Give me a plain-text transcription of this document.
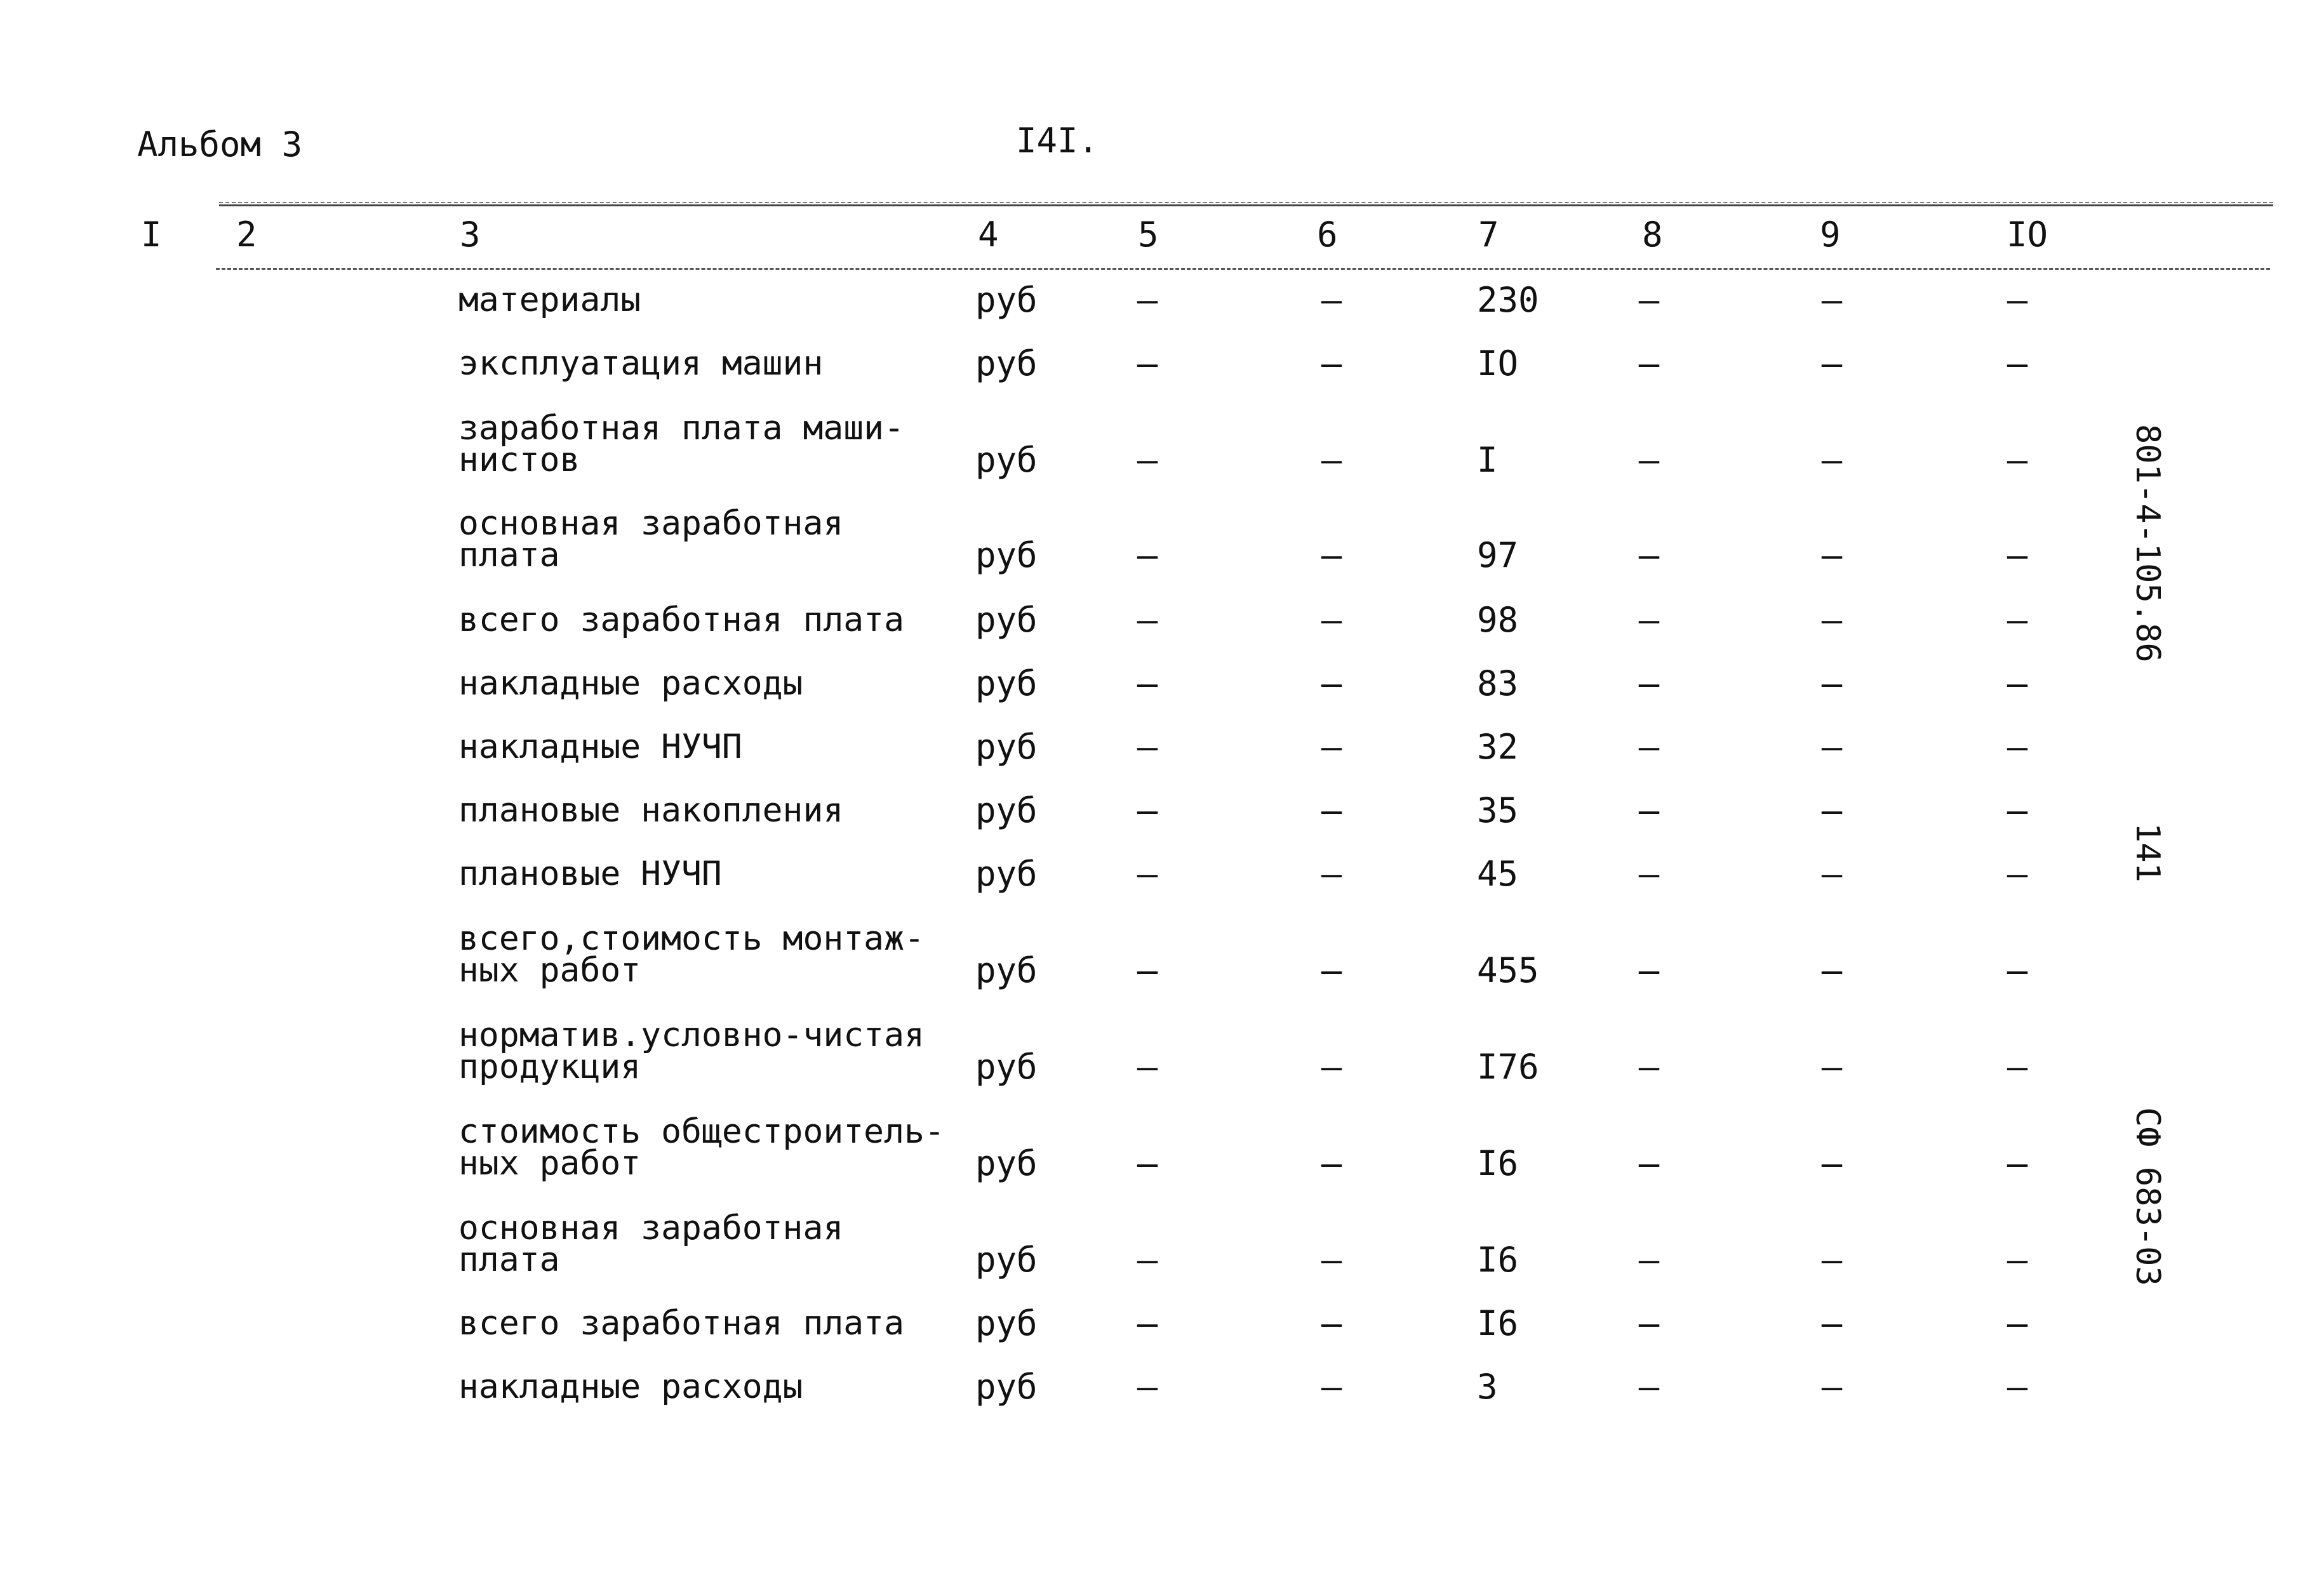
Альбом 3	I4I.
I 2	3	4	5	6	7	8	9	IO
материалы	руб	–	–	230	–	–	–
эксплуатация машин	руб	–	–	IO	–	–	–
заработная плата маши-
нистов	руб	–	–	I	–	–	–
основная заработная
плата	руб	–	–	97	–	–	–
всего заработная плата руб	–	–	98	–	–	–
накладные расходы	руб	–	–	83	–	–	–
накладные НУЧП	руб	–	–	32	–	–	–
плановые накопления	руб	–	–	35	–	–	–
плановые НУЧП	руб	–	–	45	–	–	–
всего,стоимость монтаж-
ных работ	руб	–	–	455	–	–	–
норматив.условно-чистая
продукция	руб	–	–	I76	–	–	–
стоимость общестроитель-
ных работ	руб	–	–	I6	–	–	–
основная заработная
плата	руб	–	–	I6	–	–	–
всего заработная плата руб	–	–	I6	–	–	–
накладные расходы	руб	–	–	3	–	–	–
801-4-105.86
141
СФ 683-03
